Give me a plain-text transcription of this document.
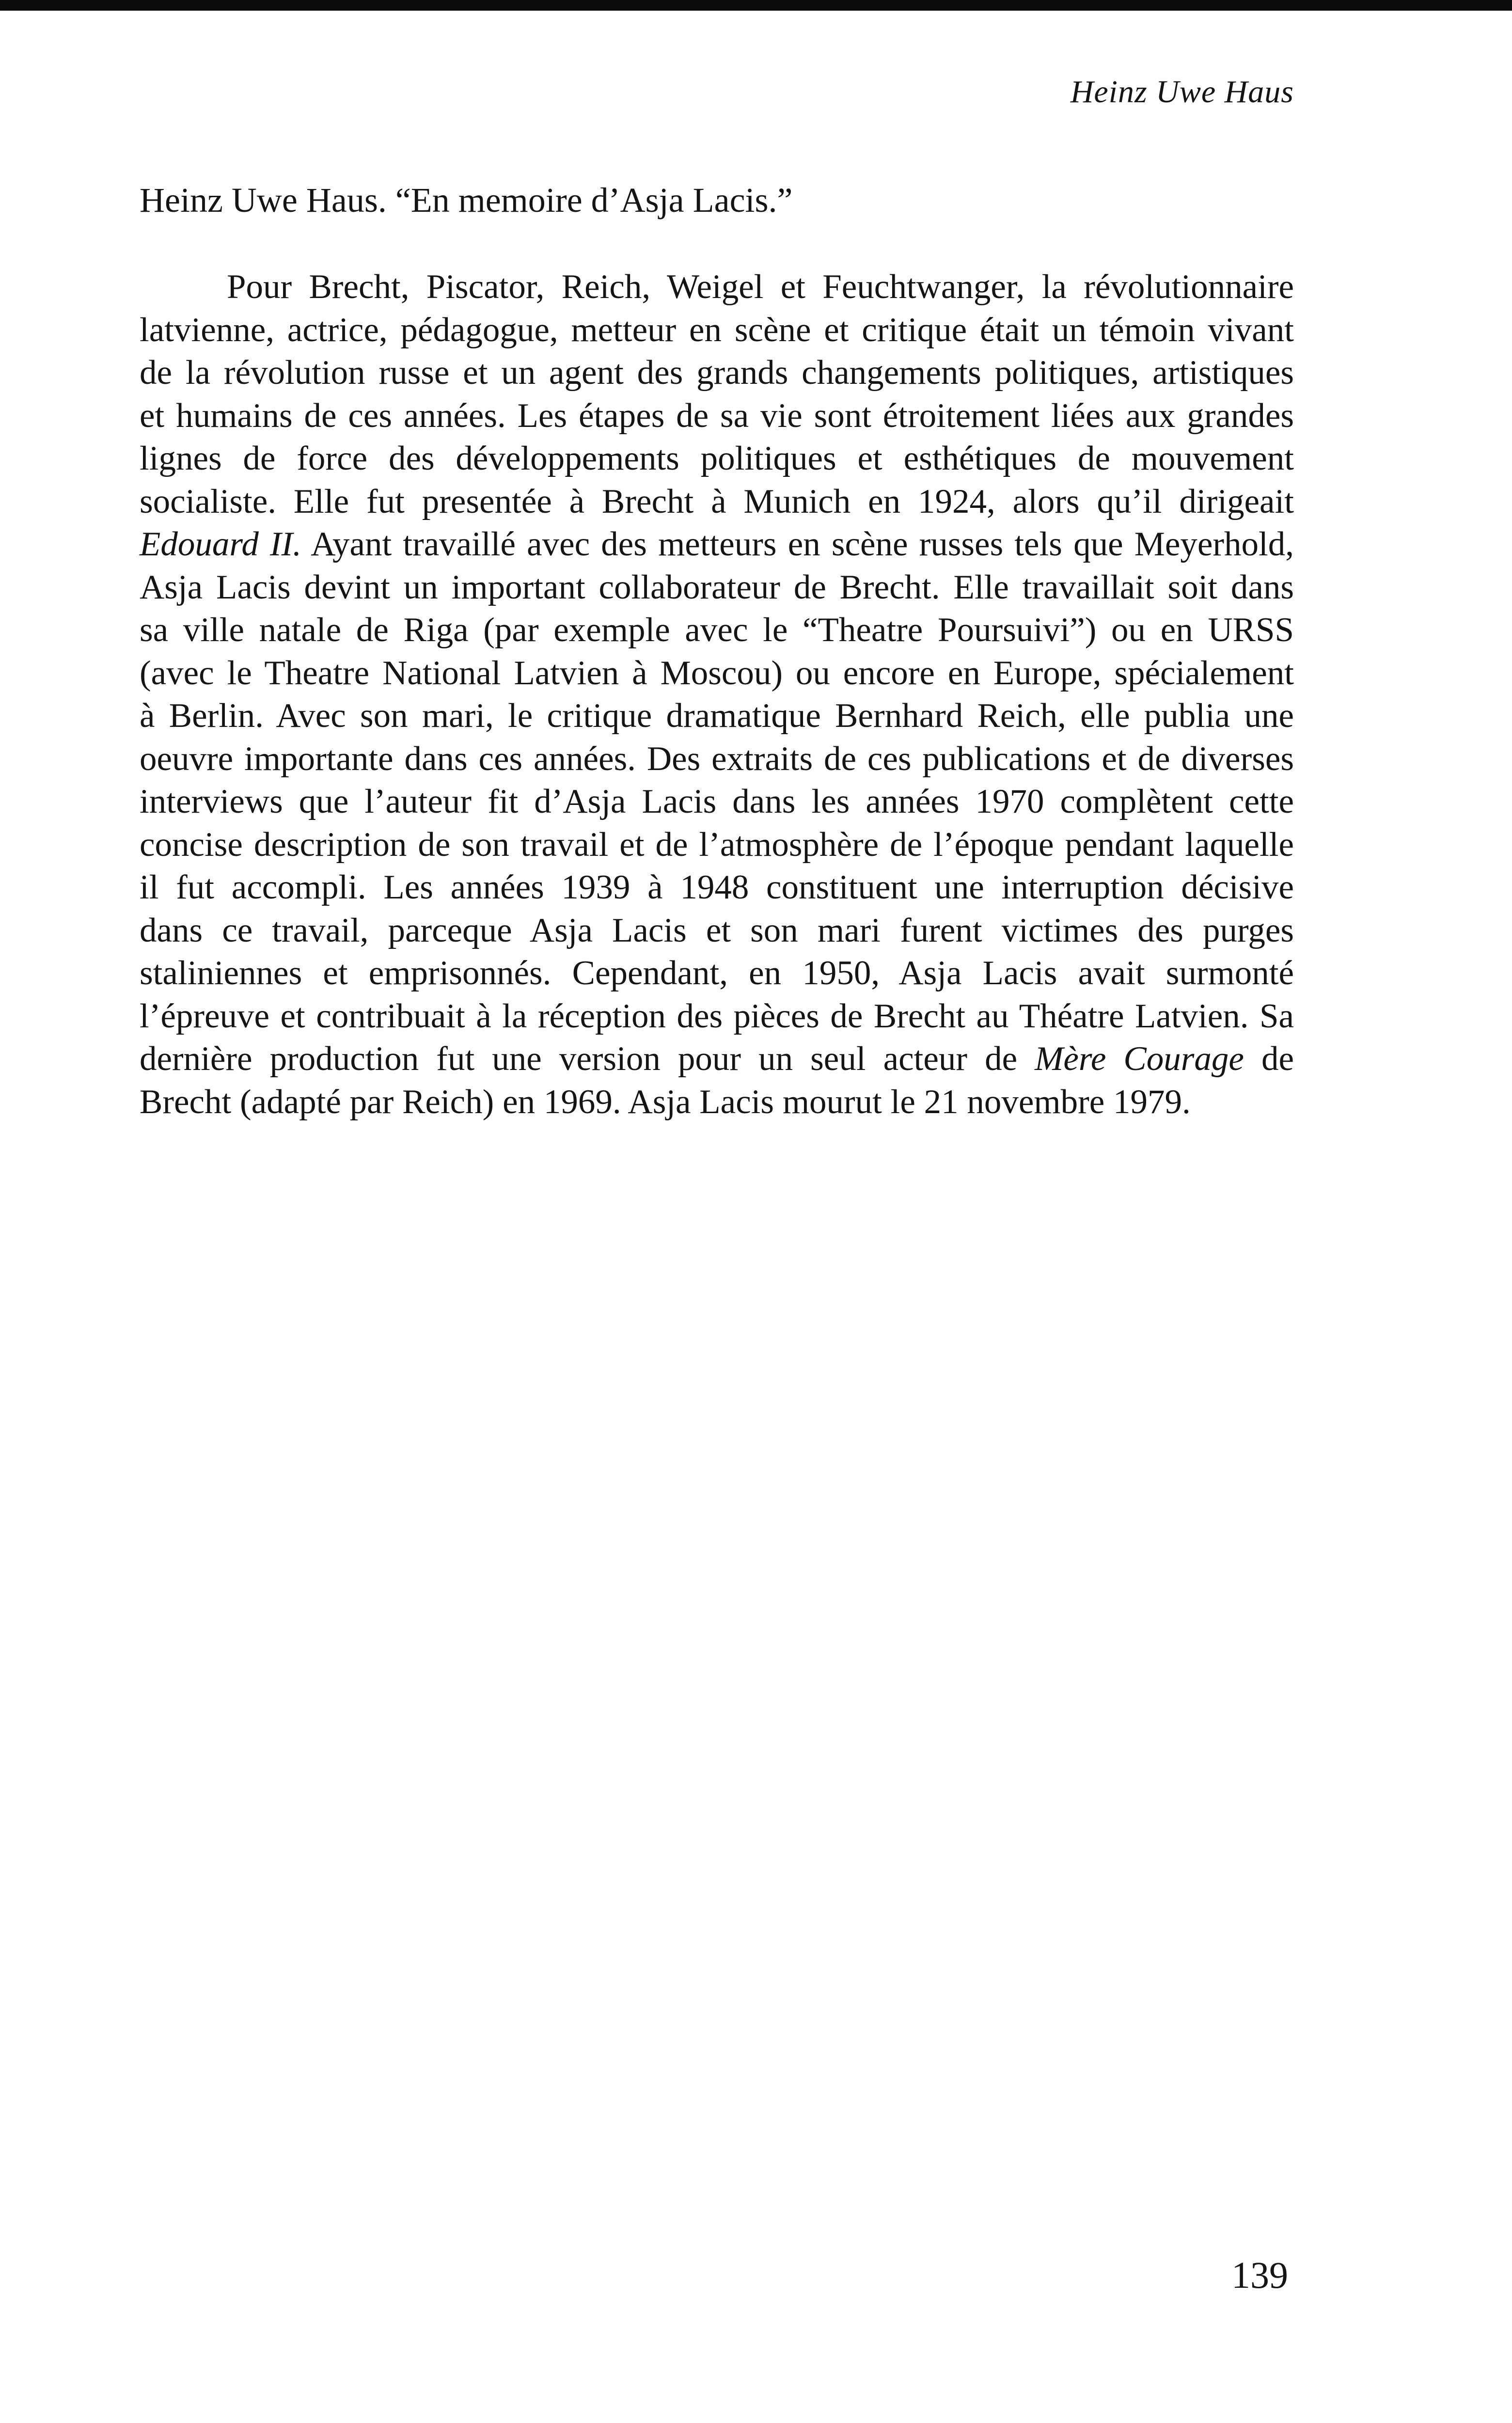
Heinz Uwe Haus
Heinz Uwe Haus. “En memoire d’Asja Lacis.”

Pour Brecht, Piscator, Reich, Weigel et Feuchtwanger, la révolutionnaire
latvienne, actrice, pédagogue, metteur en scène et critique était un témoin vivant
de la révolution russe et un agent des grands changements politiques, artistiques
et humains de ces années. Les étapes de sa vie sont étroitement liées aux grandes
lignes de force des développements politiques et esthétiques de mouvement
socialiste. Elle fut presentée à Brecht à Munich en 1924, alors qu’il dirigeait
Edouard II. Ayant travaillé avec des metteurs en scène russes tels que Meyerhold,
Asja Lacis devint un important collaborateur de Brecht. Elle travaillait soit dans
sa ville natale de Riga (par exemple avec le “Theatre Poursuivi”) ou en URSS
(avec le Theatre National Latvien à Moscou) ou encore en Europe, spécialement
à Berlin. Avec son mari, le critique dramatique Bernhard Reich, elle publia une
oeuvre importante dans ces années. Des extraits de ces publications et de diverses
interviews que l’auteur fit d’Asja Lacis dans les années 1970 complètent cette
concise description de son travail et de l’atmosphère de l’époque pendant laquelle
il fut accompli. Les années 1939 à 1948 constituent une interruption décisive
dans ce travail, parceque Asja Lacis et son mari furent victimes des purges
staliniennes et emprisonnés. Cependant, en 1950, Asja Lacis avait surmonté
l’épreuve et contribuait à la réception des pièces de Brecht au Théatre Latvien. Sa
dernière production fut une version pour un seul acteur de Mère Courage de
Brecht (adapté par Reich) en 1969. Asja Lacis mourut le 21 novembre 1979.

139
